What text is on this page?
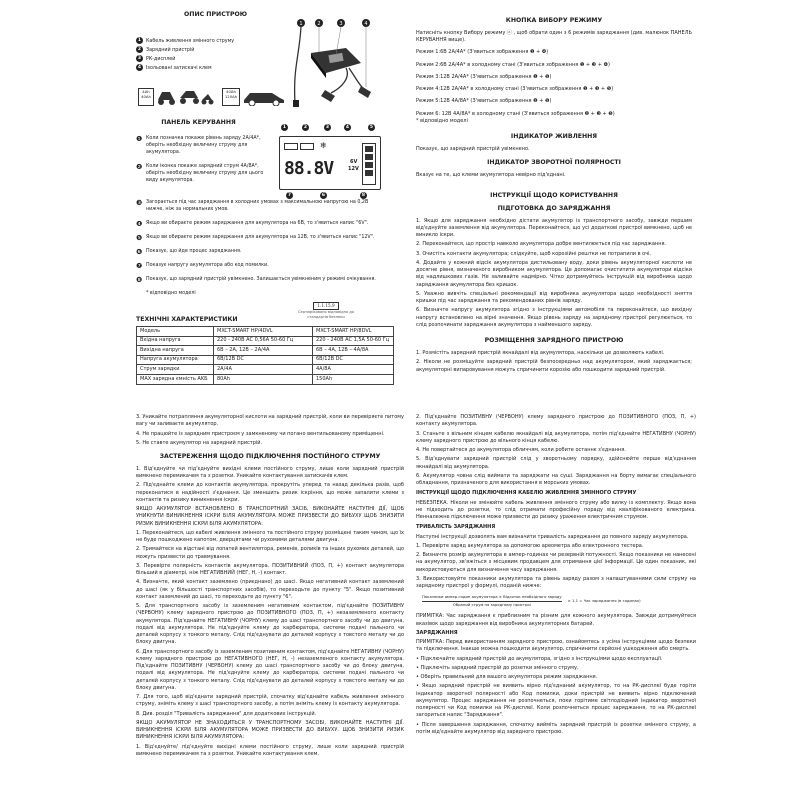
ОПИС ПРИСТРОЮ
1 Кабель живлення змінного струму
2 Зарядний пристрій
3 РК-дисплей
4 Ізольовані затискачі клем
1	2	3	4
4Ah
40Ah
40Ah
120Ah
ПАНЕЛЬ КЕРУВАННЯ
1	2	3	4	5
❄
88.8V	6V
12V
7	8
6
❶ Коли позначка покаже рівень заряду 2А/4А*, оберіть необхідну величину струму для акумулятора.
❷ Коли іконка покаже зарядний струм 4А/8А*, оберіть необхідну величину струму для цього виду акумулятора.
❸ Загорається під час заряджання в холодних умовах з максимальною напругою на 0,2В нижче, ніж за нормальних умов.
❹ Якщо ви обираєте режим заряджання для акумулятора на 6В, то з'явиться напис "6V".
❺ Якщо ви обираєте режим заряджання для акумулятора на 12В, то з'явиться напис "12V".
❻ Показує, що йде процес заряджання.
❼ Показує напругу акумулятора або код помилки.
❽ Показує, що зарядний пристрій увімкнено. Залишається увімкненим у режимі очікування.
* відповідно моделі
1.1.15.9
Сертифіковано відповідно до стандартів безпеки
ТЕХНІЧНІ ХАРАКТЕРИСТИКИ
Модель	MXCT-SMART HP/4DVL	MXCT-SMART HP/8DVL
Вхідна напруга	220 - 240В АС 0,56А 50-60 Гц	220 - 240В АС 1,5А 50-60 Гц
Вихідна напруга	6В – 2А, 12В – 2А/4А	6В – 4А, 12В – 4А/8А
Напруга акумулятора	6В/12В DC	6В/12В DC
Струм зарядки	2А/4А	4А/8А
MAX зарядна ємність AKБ	80Ah	150Ah
КНОПКА ВИБОРУ РЕЖИМУ

Натисніть кнопку Вибору режиму ⓐ , щоб обрати один з 6 режимів заряджання (див. малюнок ПАНЕЛЬ КЕРУВАННЯ вище).

Режим 1:6В 2А/4А* (З'явиться зображення ❶ + ❹)

Режим 2:6В 2А/4А* в холодному стані (З'явиться зображення ❶ + ❸ + ❹)

Режим 3:12В 2А/4А* (З'явиться зображення ❶ + ❺)

Режим 4:12В 2А/4А* в холодному стані (З'явиться зображення ❶ + ❸ + ❺)

Режим 5:12В 4А/8А* (З'явиться зображення ❷ + ❺)

Режим 6: 12В 4А/8А* в холодному стані (З'явиться зображення ❷ + ❸ + ❺)

* відповідно моделі

ІНДИКАТОР ЖИВЛЕННЯ

Показує, що зарядний пристрій увімкнено.

ІНДИКАТОР ЗВОРОТНОЇ ПОЛЯРНОСТІ

Вказує на те, що клеми акумулятора невірно під'єднані.

ІНСТРУКЦІЇ ЩОДО КОРИСТУВАННЯ
ПІДГОТОВКА ДО ЗАРЯДЖАННЯ

1. Якщо для заряджання необхідно дістати акумулятор із транспортного засобу, завжди першим від'єднуйте заземлення від акумулятора. Переконайтеся, що усі додаткові пристрої вимкнено, щоб не виникло іскри.

2. Переконайтеся, що простір навколо акумулятора добре вентилюється під час заряджання.

3. Очистіть контакти акумулятора; слідкуйте, щоб корозійні рештки не потрапили в очі.

4. Додайте у кожний відсік акумулятора дистильовану воду, доки рівень акумуляторної кислоти не досягне рівня, визначеного виробником акумулятора. Це допомагає очиститити акумулятори відсіки від надлишкових газів. Не заливайте надмірно. Чітко дотримуйтесь інструкцій від виробника щодо заряджання акумулятора без кришок.

5. Уважно вивчіть спеціальні рекомендації від виробника акумулятора щодо необхідності зняття кришки під час заряджання та рекомендованих рівнів заряду.

6. Визначте напругу акумулятора згідно з інструкціями автомобіля та переконайтеся, що вихідну напругу встановлено на вірні значення. Якщо рівень заряду на зарядному пристрої регулюється, то слід розпочинати заряджання акумулятора з найменшого заряду.

РОЗМІЩЕННЯ ЗАРЯДНОГО ПРИСТРОЮ

1. Розмістіть зарядний пристрій якнайдалі від акумулятора, наскільки це дозволяють кабелі.

2. Ніколи не розміщуйте зарядний пристрій безпосередньо над акумулятором, який заряджається; акумуляторні випаровування можуть спричинити корозію або пошкодити зарядний пристрій.

3. Уникайте потрапляння акумуляторної кислоти на зарядний пристрій, коли ви перевіряєте питому вагу чи заливаєте акумулятор.

4. Не працюйте із зарядним пристроєм у замкненому чи погано вентильованому приміщенні.

5. Не ставте акумулятор на зарядний пристрій.

ЗАСТЕРЕЖЕННЯ ЩОДО ПІДКЛЮЧЕННЯ ПОСТІЙНОГО СТРУМУ

1. Від'єднуйте чи під'єднуйте вихідні клеми постійного струму, лише коли зарядний пристрій вимкнено перемикачем та з розетки. Уникайте контактування затискачів клем.

2. Під'єднайте клеми до контактів акумулятора, прокрутіть уперед та назад декілька разів, щоб переконатися в надійності з'єднання. Це зменшить ризик іскріння, що може запалити клеми з контактів та ризику виникнення іскри.

ЯКЩО АКУМУЛЯТОР ВСТАНОВЛЕНО В ТРАНСПОРТНИЙ ЗАСІБ, ВИКОНАЙТЕ НАСТУПНІ ДІЇ, ЩОБ УНИКНУТИ ВИНИКНЕННЯ ІСКРИ БІЛЯ АКУМУЛЯТОРА МОЖЕ ПРИЗВЕСТИ ДО ВИБУХУ ЩОБ ЗНИЗИТИ РИЗИК ВИНИКНЕННЯ ІСКРИ БІЛЯ АКУМУЛЯТОРА:

1. Переконайтеся, що кабелі живлення змінного та постійного струму розміщені таким чином, що їх не буде пошкоджено капотом, дверцятами чи рухомими деталями двигуна.

2. Тримайтеся на відстані від лопатей вентилятора, ременів, роликів та інших рухомих деталей, що можуть призвести до травмування.

3. Перевірте полярність контактів акумулятора. ПОЗИТИВНИЙ (ПОЗ, П, +) контакт акумулятора більший в діаметрі, ніж НЕГАТИВНИЙ (НЕГ, Н, -) контакт.

4. Визначте, який контакт заземлено (приєднано) до шасі. Якщо негативний контакт заземлений до шасі (як у більшості транспортних засобів), то переходьте до пункту "5". Якщо позитивний контакт заземлений до шасі, то переходьте до пункту "6".

5. Для транспортного засобу із заземленим негативним контактом, під'єднайте ПОЗИТИВНУ (ЧЕРВОНУ) клему зарядного пристрою до ПОЗИТИВНОГО (ПОЗ, П, +) незаземленого контакту акумулятора. Під'єднайте НЕГАТИВНУ (ЧОРНУ) клему до шасі транспортного засобу чи до двигуна, подалі від акумулятора. Не під'єднуйте клему до карбюратора, системи подачі пального чи деталей корпусу з тонкого металу. Слід під'єднувати до деталей корпусу з товстого металу чи до блоку двигуна.

6. Для транспортного засобу із заземленим позитивним контактом, під'єднайте НЕГАТИВНУ (ЧОРНУ) клему зарядного пристрою до НЕГАТИВНОГО (НЕГ, Н, -) незаземленого контакту акумулятора. Під'єднайте ПОЗИТИВНУ (ЧЕРВОНУ) клему до шасі транспортного засобу чи до блоку двигуна, подалі від акумулятора. Не під'єднуйте клему до карбюратора, системи подачі пального чи деталей корпусу з тонкого металу. Слід під'єднувати до деталей корпусу з товстого металу чи до блоку двигуна.

7. Для того, щоб від'єднати зарядний пристрій, спочатку від'єднайте кабель живлення змінного струму, зніміть клему з шасі транспортного засобу, а потім зніміть клему із контакту акумулятора.

8. Див. розділ "Тривалість заряджання" для додаткових інструкцій.

ЯКЩО АКУМУЛЯТОР НЕ ЗНАХОДИТЬСЯ У ТРАНСПОРТНОМУ ЗАСОБІ, ВИКОНАЙТЕ НАСТУПНІ ДІЇ. ВИНИКНЕННЯ ІСКРИ БІЛЯ АКУМУЛЯТОРА МОЖЕ ПРИЗВЕСТИ ДО ВИБУХУ. ЩОБ ЗНИЗИТИ РИЗИК ВИНИКНЕННЯ ІСКРИ БІЛЯ АКУМУЛЯТОРА:

1. Від'єднуйте/ під'єднуйте вихідні клеми постійного струму, лише коли зарядний пристрій вимкнено перемикачем та з розетки. Уникайте контактування клем.

2. Під'єднайте ПОЗИТИВНУ (ЧЕРВОНУ) клему зарядного пристрою до ПОЗИТИВНОГО (ПОЗ, П, +) контакту акумулятора.

3. Станьте з вільним кінцем кабелю якнайдалі від акумулятора, потім під'єднайте НЕГАТИВНУ (ЧОРНУ) клему зарядного пристрою до вільного кінця кабелю.

4. Не повертайтеся до акумулятора обличчям, коли робите останнє з'єднання.

5. Від'єднувати зарядний пристрій слід у зворотньому порядку, здійснюйте перше від'єднання якнайдалі від акумулятора.

6. Акумулятор човна слід виймати та заряджати на суші. Заряджання на борту вимагає спеціального обладнання, призначеного для використання в морських умовах.

ІНСТРУКЦІЇ ЩОДО ПІДКЛЮЧЕННЯ КАБЕЛЮ ЖИВЛЕННЯ ЗМІННОГО СТРУМУ

НЕБЕЗПЕКА. Ніколи не змінюйте кабель живлення змінного струму або вилку із комплекту. Якщо вона не підходить до розетки, то слід отримати професійну пораду від кваліфікованого електрика. Ненналежне підключення може призвести до ризику ураження електричним струмом.

ТРИВАЛІСТЬ ЗАРЯДЖАННЯ

Наступні інструкції дозволять вам визначити тривалість заряджання до повного заряду акумулятора.

1. Перевірте заряд акумулятора за допомогою ареометра або електронного тестера.

2. Визначте розмір акумулятора в ампер-годинах чи резервній потужності. Якщо показники не нанесені на акумулятор, зв'яжіться з місцевим продавцем для отримання цієї інформації. Це один показник, які використовуються для визначення часу заряджання.

3. Використовуйте показники акумулятора та рівень заряду разом з налаштуваннями сили струму на зарядному пристрої у формулі, поданій нижче:

Показники ампер-годин акумулятора × Відсоток необхідного заряду
Обраний струм на зарядному пристрої
× 1,1 = Час заряджання (в годинах)

ПРИМІТКА: Час заряджання є приблизним та різним для кожного акумулятора. Завжди дотримуйтеся вказівок щодо заряджання від виробника акумуляторних батарей.

ЗАРЯДЖАННЯ

ПРИМІТКА: Перед використанням зарядного пристрою, ознайомтесь з усіма інструкціями щодо безпеки та підключення. Інакше можна пошкодити акумулятор, спричинити серйозні ушкодження або смерть.

• Підключайте зарядний пристрій до акумулятора, згідно з інструкціями щодо експлуатації.

• Підключіть зарядний пристрій до розетки змінного струму.

• Оберіть правильний для вашого акумулятора режим заряджання.

• Якщо зарядний пристрій не виявить вірно під'єднаний акумулятор, то на РК-дисплеї буде горіти індикатор зворотної полярності або Код помилки, доки пристрій не виявить вірно підключений акумулятор. Процес заряджання не розпочнеться, поки горітиме світлодіодний індикатор зворотної полярності чи Код помилки на РК-дисплеї. Коли розпочнеться процес заряджання, то на РК-дисплеї загориться напис "Заряджання".

• Після завершення заряджання, спочатку вийміть зарядний пристрій із розетки змінного струму, а потім від'єднайте акумулятор від зарядного пристрою.
